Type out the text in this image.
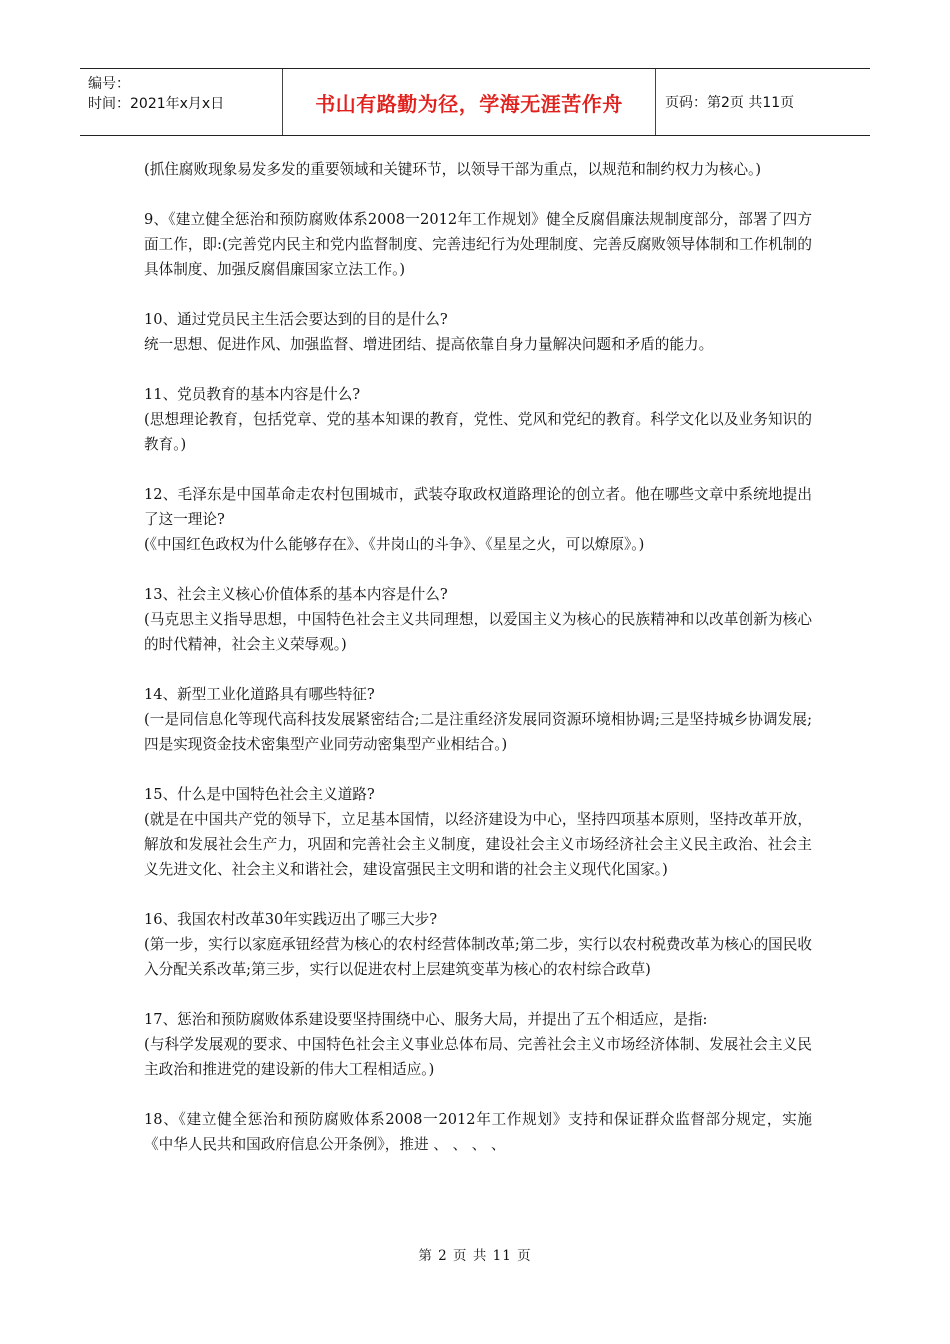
编号：
时间：2021年x月x日	书山有路勤为径，学海无涯苦作舟	页码：第2页 共11页

(抓住腐败现象易发多发的重要领域和关键环节，以领导干部为重点，以规范和制约权力为核心。)

9、《建立健全惩治和预防腐败体系2008一2012年工作规划》健全反腐倡廉法规制度部分，部署了四方面工作，即:(完善党内民主和党内监督制度、完善违纪行为处理制度、完善反腐败领导体制和工作机制的具体制度、加强反腐倡廉国家立法工作。)

10、通过党员民主生活会要达到的目的是什么?

统一思想、促进作风、加强监督、增进团结、提高依靠自身力量解决问题和矛盾的能力。

11、党员教育的基本内容是什么?

(思想理论教育，包括党章、党的基本知课的教育，党性、党风和党纪的教育。科学文化以及业务知识的教育。)

12、毛泽东是中国革命走农村包围城市，武装夺取政权道路理论的创立者。他在哪些文章中系统地提出了这一理论?

(《中国红色政权为什么能够存在》、《井岗山的斗争》、《星星之火，可以燎原》。)

13、社会主义核心价值体系的基本内容是什么?

(马克思主义指导思想，中国特色社会主义共同理想，以爱国主义为核心的民族精神和以改革创新为核心的时代精神，社会主义荣辱观。)

14、新型工业化道路具有哪些特征?

(一是同信息化等现代高科技发展紧密结合;二是注重经济发展同资源环境相协调;三是坚持城乡协调发展;四是实现资金技术密集型产业同劳动密集型产业相结合。)

15、什么是中国特色社会主义道路?

(就是在中国共产党的领导下，立足基本国情，以经济建设为中心，坚持四项基本原则，坚持改革开放，解放和发展社会生产力，巩固和完善社会主义制度，建设社会主义市场经济社会主义民主政治、社会主义先进文化、社会主义和谐社会，建设富强民主文明和谐的社会主义现代化国家。)

16、我国农村改革30年实践迈出了哪三大步?

(第一步，实行以家庭承钮经营为核心的农村经营体制改革;第二步，实行以农村税费改革为核心的国民收入分配关系改革;第三步，实行以促进农村上层建筑变革为核心的农村综合政草)

17、惩治和预防腐败体系建设要坚持围绕中心、服务大局，并提出了五个相适应，是指:

(与科学发展观的要求、中国特色社会主义事业总体布局、完善社会主义市场经济体制、发展社会主义民主政治和推进党的建设新的伟大工程相适应。)

18、《建立健全惩治和预防腐败体系2008一2012年工作规划》支持和保证群众监督部分规定，实施《中华人民共和国政府信息公开条例》，推进 、 、 、 、

第 2 页 共 11 页
